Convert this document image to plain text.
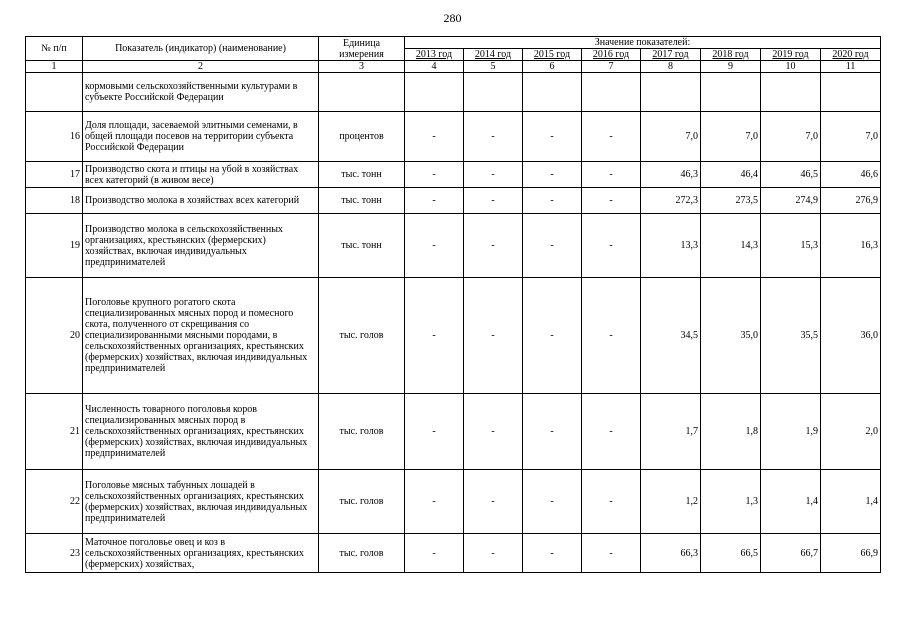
280
№ п/п	Показатель (индикатор) (наименование)	Единица измерения	Значение показателей:							
			2013 год	2014 год	2015 год	2016 год	2017 год	2018 год	2019 год	2020 год
1	2	3	4	5	6	7	8	9	10	11
	кормовыми сельскохозяйственными культурами в субъекте Российской Федерации									
16	Доля площади, засеваемой элитными семенами, в общей площади посевов на территории субъекта Российской Федерации	процентов	-	-	-	-	7,0	7,0	7,0	7,0
17	Производство скота и птицы на убой в хозяйствах всех категорий (в живом весе)	тыс. тонн	-	-	-	-	46,3	46,4	46,5	46,6
18	Производство молока в хозяйствах всех категорий	тыс. тонн	-	-	-	-	272,3	273,5	274,9	276,9
19	Производство молока в сельскохозяйственных организациях, крестьянских (фермерских) хозяйствах, включая индивидуальных предпринимателей	тыс. тонн	-	-	-	-	13,3	14,3	15,3	16,3
20	Поголовье крупного рогатого скота специализированных мясных пород и помесного скота, полученного от скрещивания со специализированными мясными породами, в сельскохозяйственных организациях, крестьянских (фермерских) хозяйствах, включая индивидуальных предпринимателей	тыс. голов	-	-	-	-	34,5	35,0	35,5	36,0
21	Численность товарного поголовья коров специализированных мясных пород в сельскохозяйственных организациях, крестьянских (фермерских) хозяйствах, включая индивидуальных предпринимателей	тыс. голов	-	-	-	-	1,7	1,8	1,9	2,0
22	Поголовье мясных табунных лошадей в сельскохозяйственных организациях, крестьянских (фермерских) хозяйствах, включая индивидуальных предпринимателей	тыс. голов	-	-	-	-	1,2	1,3	1,4	1,4
23	Маточное поголовье овец и коз в сельскохозяйственных организациях, крестьянских (фермерских) хозяйствах,	тыс. голов	-	-	-	-	66,3	66,5	66,7	66,9
